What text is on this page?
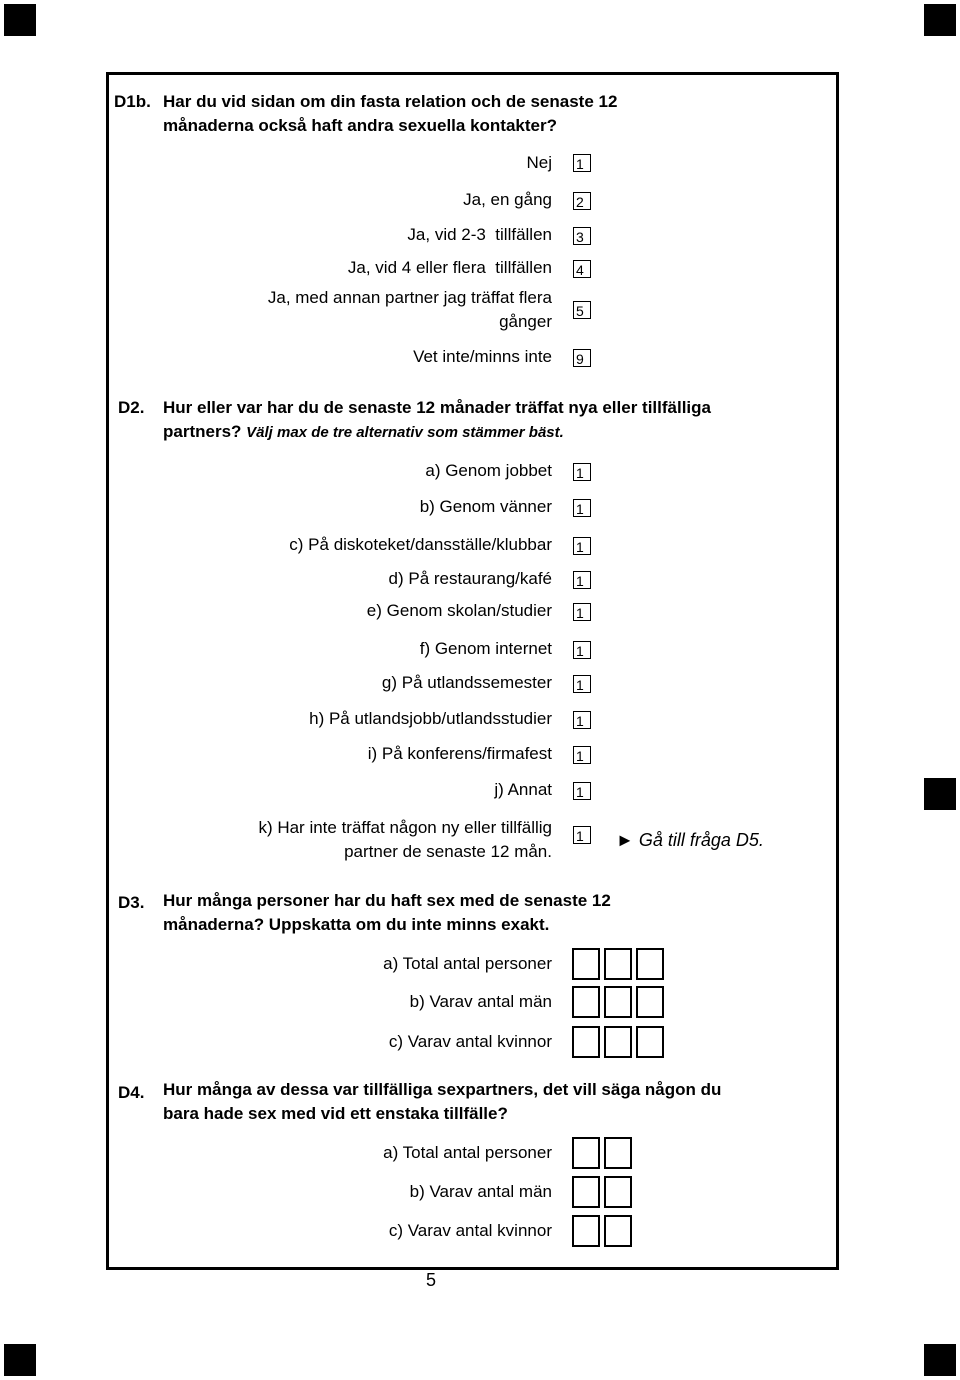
D1b. Har du vid sidan om din fasta relation och de senaste 12 månaderna också haft andra sexuella kontakter?
Nej 1
Ja, en gång 2
Ja, vid 2-3  tillfällen 3
Ja, vid 4 eller flera  tillfällen 4
Ja, med annan partner jag träffat flera gånger
5
Vet inte/minns inte 9
D2. Hur eller var har du de senaste 12 månader träffat nya eller tillfälliga partners? Välj max de tre alternativ som stämmer bäst.
a) Genom jobbet 1
b) Genom vänner 1
c) På diskoteket/dansställe/klubbar 1
d) På restaurang/kafé 1
e) Genom skolan/studier 1
f) Genom internet 1
g) På utlandssemester 1
h) På utlandsjobb/utlandsstudier 1
i) På konferens/firmafest 1
j) Annat 1
k) Har inte träffat någon ny eller tillfällig partner de senaste 12 mån.
1	► Gå till fråga D5.
D3. Hur många personer har du haft sex med de senaste 12 månaderna? Uppskatta om du inte minns exakt.
a) Total antal personer
b) Varav antal män
c) Varav antal kvinnor
D4. Hur många av dessa var tillfälliga sexpartners, det vill säga någon du bara hade sex med vid ett enstaka tillfälle?
a) Total antal personer
b) Varav antal män
c) Varav antal kvinnor
5
